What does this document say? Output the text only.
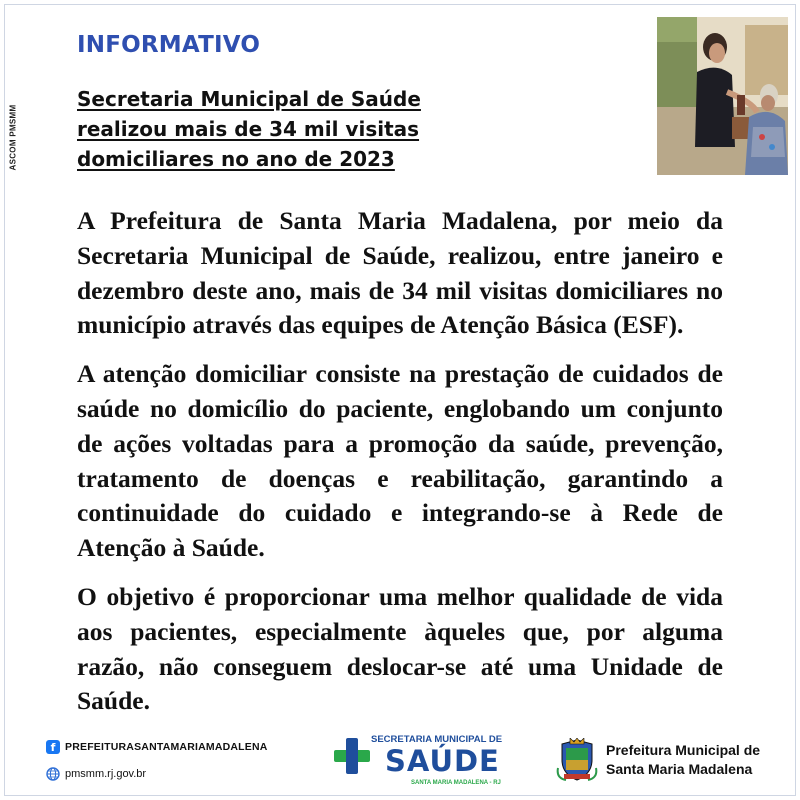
ASCOM PMSMM
INFORMATIVO
Secretaria Municipal de Saúde
realizou mais de 34 mil visitas
domiciliares no ano de 2023

A Prefeitura de Santa Maria Madalena, por meio da Secretaria Municipal de Saúde, realizou, entre janeiro e dezembro deste ano, mais de 34 mil visitas domiciliares no município através das equipes de Atenção Básica (ESF).

A atenção domiciliar consiste na prestação de cuidados de saúde no domicílio do paciente, englobando um conjunto de ações voltadas para a promoção da saúde, prevenção, tratamento de doenças e reabilitação, garantindo a continuidade do cuidado e integrando-se à Rede de Atenção à Saúde.

O objetivo é proporcionar uma melhor qualidade de vida aos pacientes, especialmente àqueles que, por alguma razão, não conseguem deslocar-se até uma Unidade de Saúde.

f PREFEITURASANTAMARIAMADALENA
pmsmm.rj.gov.br
SECRETARIA MUNICIPAL DE
SAÚDE
SANTA MARIA MADALENA - RJ
Prefeitura Municipal de
Santa Maria Madalena
